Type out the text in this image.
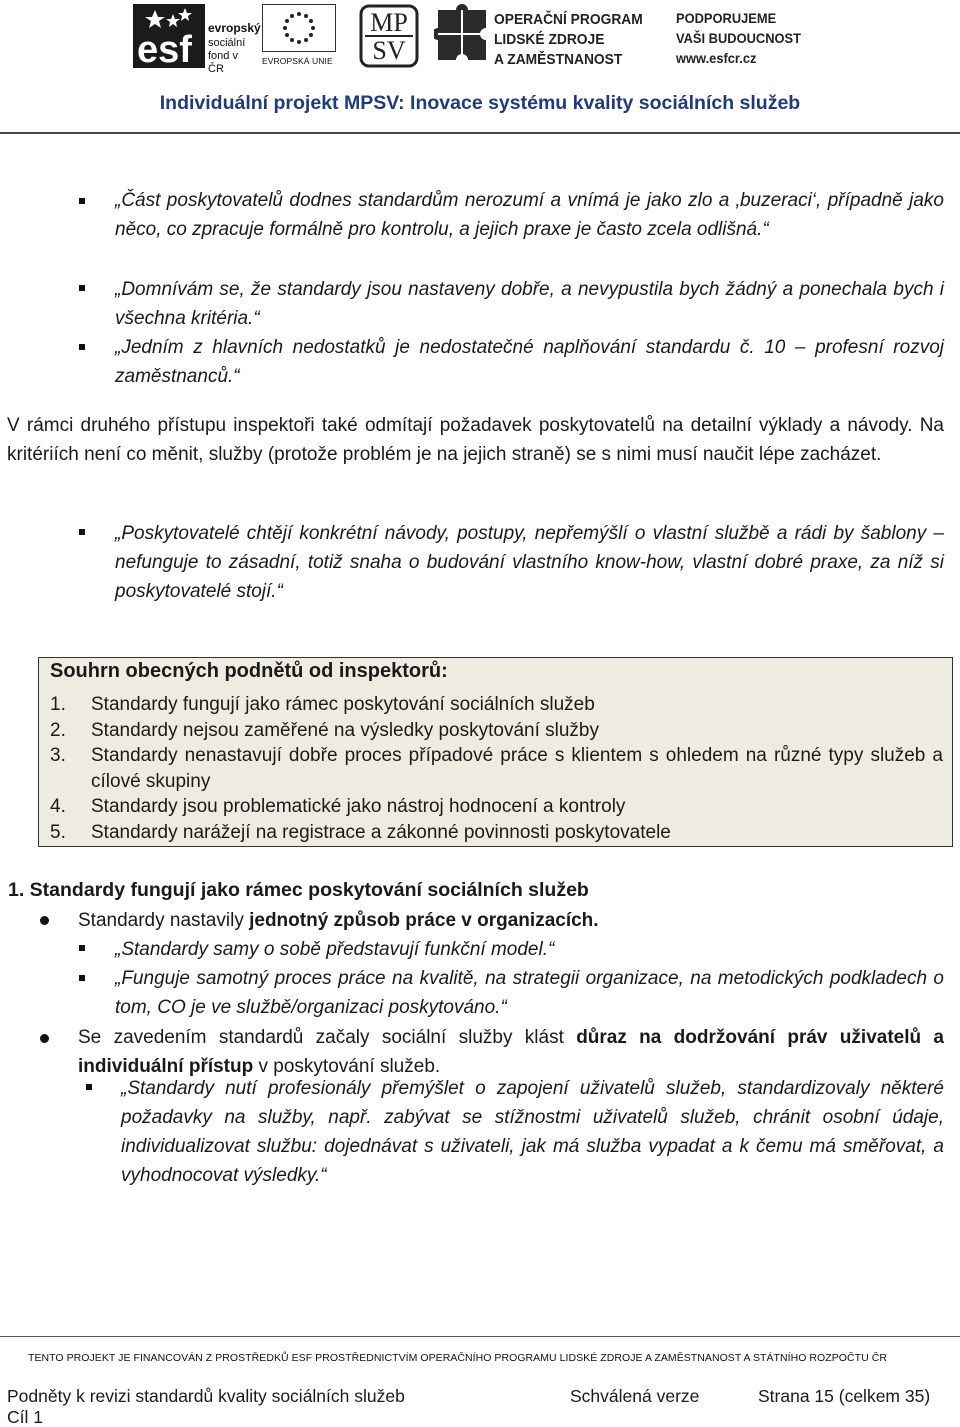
esf
evropský
sociální
fond v ČR
EVROPSKÁ UNIE
MP
SV
OPERAČNÍ PROGRAM
LIDSKÉ ZDROJE
A ZAMĚSTNANOST
PODPORUJEME
VAŠI BUDOUCNOST
www.esfcr.cz
Individuální projekt MPSV: Inovace systému kvality sociálních služeb
„Část poskytovatelů dodnes standardům nerozumí a vnímá je jako zlo a ‚buzeraci‘, případně jako něco, co zpracuje formálně pro kontrolu, a jejich praxe je často zcela odlišná.“
„Domnívám se, že standardy jsou nastaveny dobře, a nevypustila bych žádný a ponechala bych i všechna kritéria.“
„Jedním z hlavních nedostatků je nedostatečné naplňování standardu č. 10 – profesní rozvoj zaměstnanců.“
V rámci druhého přístupu inspektoři také odmítají požadavek poskytovatelů na detailní výklady a návody. Na kritériích není co měnit, služby (protože problém je na jejich straně) se s nimi musí naučit lépe zacházet.
„Poskytovatelé chtějí konkrétní návody, postupy, nepřemýšlí o vlastní službě a rádi by šablony – nefunguje to zásadní, totiž snaha o budování vlastního know-how, vlastní dobré praxe, za níž si poskytovatelé stojí.“
Souhrn obecných podnětů od inspektorů:
1. Standardy fungují jako rámec poskytování sociálních služeb
2. Standardy nejsou zaměřené na výsledky poskytování služby
3. Standardy nenastavují dobře proces případové práce s klientem s ohledem na různé typy služeb a cílové skupiny
4. Standardy jsou problematické jako nástroj hodnocení a kontroly
5. Standardy narážejí na registrace a zákonné povinnosti poskytovatele
1. Standardy fungují jako rámec poskytování sociálních služeb
Standardy nastavily jednotný způsob práce v organizacích.
„Standardy samy o sobě představují funkční model.“
„Funguje samotný proces práce na kvalitě, na strategii organizace, na metodických podkladech o tom, CO je ve službě/organizaci poskytováno.“
Se zavedením standardů začaly sociální služby klást důraz na dodržování práv uživatelů a individuální přístup v poskytování služeb.
„Standardy nutí profesionály přemýšlet o zapojení uživatelů služeb, standardizovaly některé požadavky na služby, např. zabývat se stížnostmi uživatelů služeb, chránit osobní údaje, individualizovat službu: dojednávat s uživateli, jak má služba vypadat a k čemu má směřovat, a vyhodnocovat výsledky.“
TENTO PROJEKT JE FINANCOVÁN Z PROSTŘEDKŮ ESF PROSTŘEDNICTVÍM OPERAČNÍHO PROGRAMU LIDSKÉ ZDROJE A ZAMĚSTNANOST A STÁTNÍHO ROZPOČTU ČR
Podněty k revizi standardů kvality sociálních služeb	Schválená verze	Strana 15 (celkem 35)
Cíl 1
